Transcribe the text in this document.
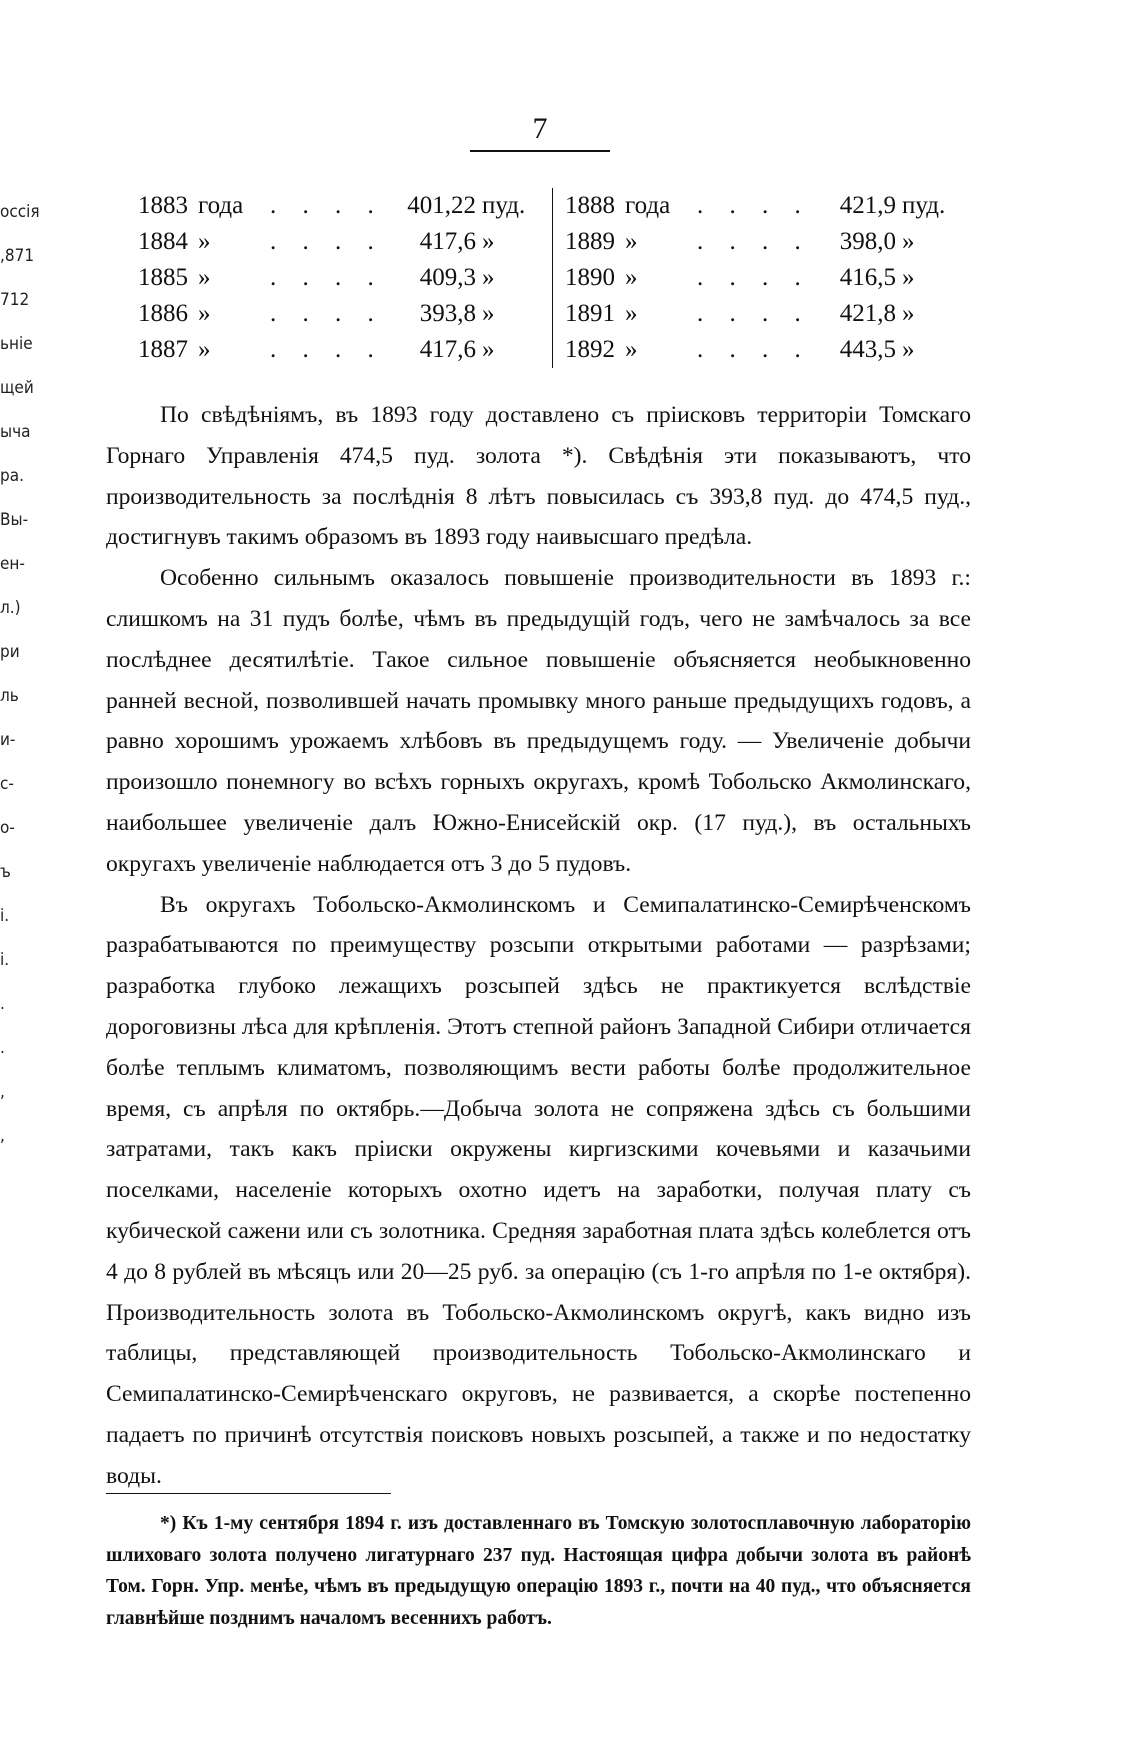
7
оссія
,871
712
ьніе
щей
ыча
ра.
Вы-
ен-
л.)
ри
ль
и-
с-
о-
ъ
і.
і.
.
.
,
,
1883 года . . . . 401,22 пуд.	1888 года . . . . 421,9 пуд.

1884 » . . . . 417,6 »	1889 » . . . . 398,0 »

1885 » . . . . 409,3 »	1890 » . . . . 416,5 »

1886 » . . . . 393,8 »	1891 » . . . . 421,8 »

1887 » . . . . 417,6 »	1892 » . . . . 443,5 »

По свѣдѣніямъ, въ 1893 году доставлено съ пріисковъ территоріи Томскаго Горнаго Управленія 474,5 пуд. золота *). Свѣдѣнія эти показываютъ, что производительность за послѣднія 8 лѣтъ повысилась съ 393,8 пуд. до 474,5 пуд., достигнувъ такимъ образомъ въ 1893 году наивысшаго предѣла.

Особенно сильнымъ оказалось повышеніе производительности въ 1893 г.: слишкомъ на 31 пудъ болѣе, чѣмъ въ предыдущій годъ, чего не замѣчалось за все послѣднее десятилѣтіе. Такое сильное повышеніе объясняется необыкновенно ранней весной, позволившей начать промывку много раньше предыдущихъ годовъ, а равно хорошимъ урожаемъ хлѣбовъ въ предыдущемъ году. — Увеличеніе добычи произошло понемногу во всѣхъ горныхъ округахъ, кромѣ Тобольско Акмолинскаго, наибольшее увеличеніе далъ Южно-Енисейскій окр. (17 пуд.), въ остальныхъ округахъ увеличеніе наблюдается отъ 3 до 5 пудовъ.

Въ округахъ Тобольско-Акмолинскомъ и Семипалатинско-Семирѣченскомъ разрабатываются по преимуществу розсыпи открытыми работами — разрѣзами; разработка глубоко лежащихъ розсыпей здѣсь не практикуется вслѣдствіе дороговизны лѣса для крѣпленія. Этотъ степной районъ Западной Сибири отличается болѣе теплымъ климатомъ, позволяющимъ вести работы болѣе продолжительное время, съ апрѣля по октябрь.—Добыча золота не сопряжена здѣсь съ большими затратами, такъ какъ пріиски окружены киргизскими кочевьями и казачьими поселками, населеніе которыхъ охотно идетъ на заработки, получая плату съ кубической сажени или съ золотника. Средняя заработная плата здѣсь колеблется отъ 4 до 8 рублей въ мѣсяцъ или 20—25 руб. за операцію (съ 1-го апрѣля по 1-е октября). Производительность золота въ Тобольско-Акмолинскомъ округѣ, какъ видно изъ таблицы, представляющей производительность Тобольско-Акмолинскаго и Семипалатинско-Семирѣченскаго округовъ, не развивается, а скорѣе постепенно падаетъ по причинѣ отсутствія поисковъ новыхъ розсыпей, а также и по недостатку воды.

*) Къ 1-му сентября 1894 г. изъ доставленнаго въ Томскую золотосплавочную лабораторію шлиховаго золота получено лигатурнаго 237 пуд. Настоящая цифра добычи золота въ районѣ Том. Горн. Упр. менѣе, чѣмъ въ предыдущую операцію 1893 г., почти на 40 пуд., что объясняется главнѣйше позднимъ началомъ весеннихъ работъ.
